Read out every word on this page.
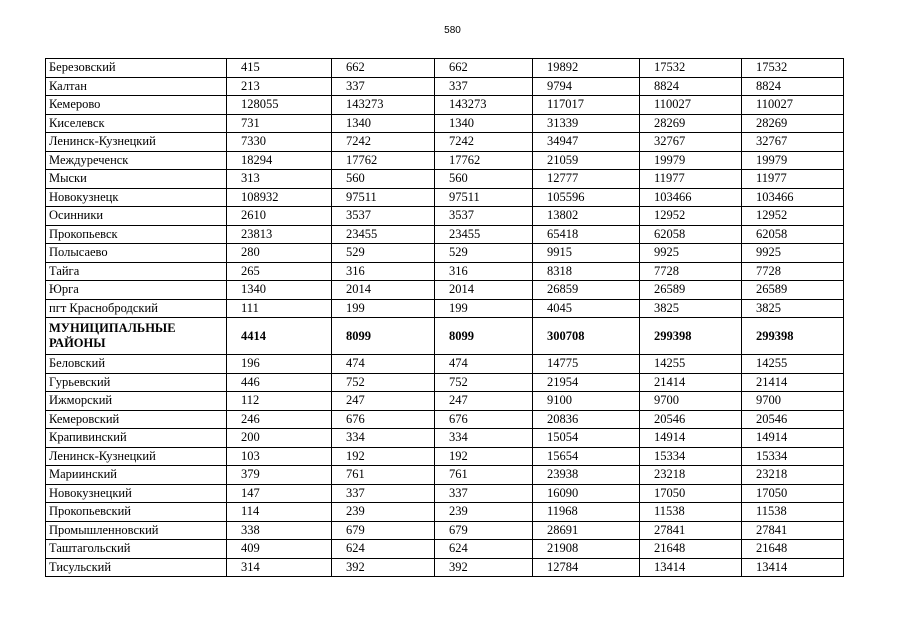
580
Березовский	415	662	662	19892	17532	17532
Калтан	213	337	337	9794	8824	8824
Кемерово	128055	143273	143273	117017	110027	110027
Киселевск	731	1340	1340	31339	28269	28269
Ленинск-Кузнецкий	7330	7242	7242	34947	32767	32767
Междуреченск	18294	17762	17762	21059	19979	19979
Мыски	313	560	560	12777	11977	11977
Новокузнецк	108932	97511	97511	105596	103466	103466
Осинники	2610	3537	3537	13802	12952	12952
Прокопьевск	23813	23455	23455	65418	62058	62058
Полысаево	280	529	529	9915	9925	9925
Тайга	265	316	316	8318	7728	7728
Юрга	1340	2014	2014	26859	26589	26589
пгт Краснобродский	111	199	199	4045	3825	3825
МУНИЦИПАЛЬНЫЕ РАЙОНЫ	4414	8099	8099	300708	299398	299398
Беловский	196	474	474	14775	14255	14255
Гурьевский	446	752	752	21954	21414	21414
Ижморский	112	247	247	9100	9700	9700
Кемеровский	246	676	676	20836	20546	20546
Крапивинский	200	334	334	15054	14914	14914
Ленинск-Кузнецкий	103	192	192	15654	15334	15334
Мариинский	379	761	761	23938	23218	23218
Новокузнецкий	147	337	337	16090	17050	17050
Прокопьевский	114	239	239	11968	11538	11538
Промышленновский	338	679	679	28691	27841	27841
Таштагольский	409	624	624	21908	21648	21648
Тисульский	314	392	392	12784	13414	13414
